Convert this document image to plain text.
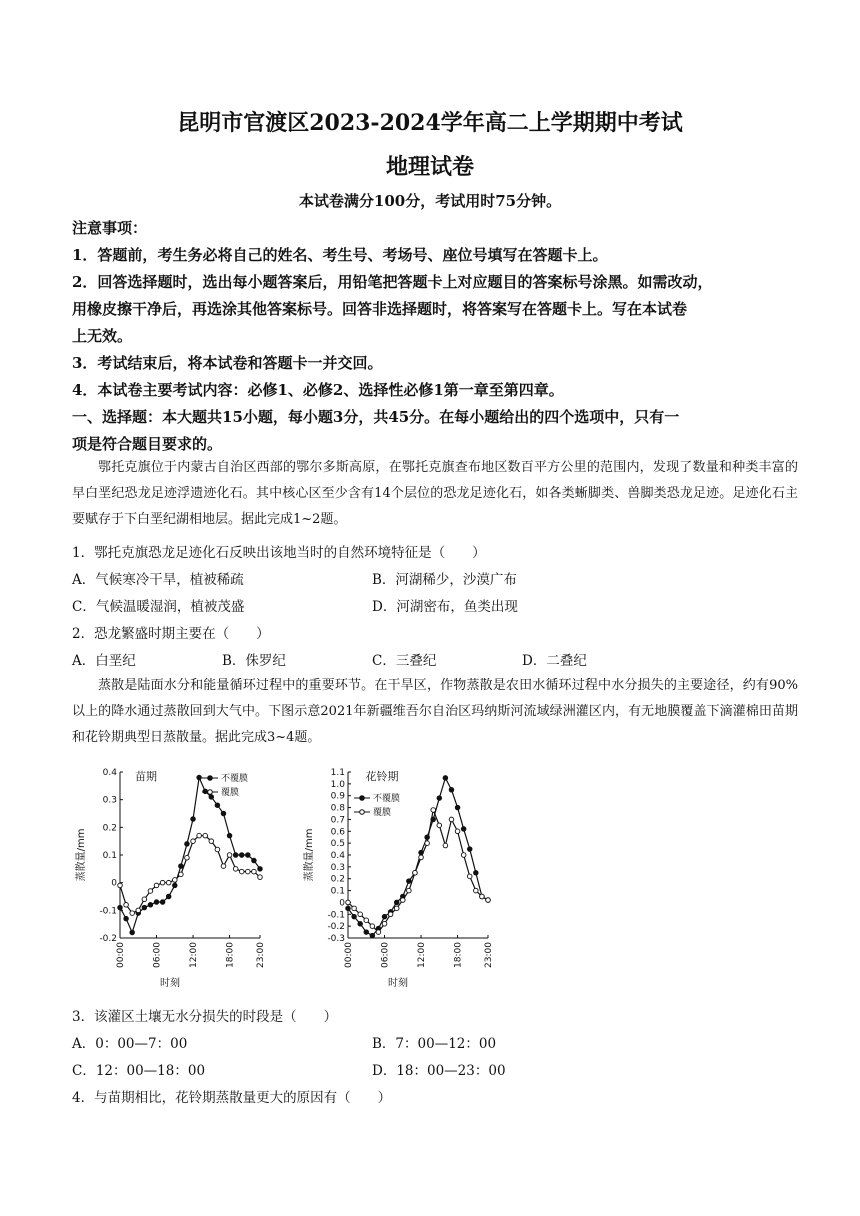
昆明市官渡区2023-2024学年高二上学期期中考试
地理试卷
本试卷满分100分，考试用时75分钟。
注意事项：
1．答题前，考生务必将自己的姓名、考生号、考场号、座位号填写在答题卡上。
2．回答选择题时，选出每小题答案后，用铅笔把答题卡上对应题目的答案标号涂黑。如需改动，
用橡皮擦干净后，再选涂其他答案标号。回答非选择题时，将答案写在答题卡上。写在本试卷
上无效。
3．考试结束后，将本试卷和答题卡一并交回。
4．本试卷主要考试内容：必修1、必修2、选择性必修1第一章至第四章。
一、选择题：本大题共15小题，每小题3分，共45分。在每小题给出的四个选项中，只有一
项是符合题目要求的。
鄂托克旗位于内蒙古自治区西部的鄂尔多斯高原，在鄂托克旗查布地区数百平方公里的范围内，发现了数量和种类丰富的早白垩纪恐龙足迹浮遗迹化石。其中核心区至少含有14个层位的恐龙足迹化石，如各类蜥脚类、兽脚类恐龙足迹。足迹化石主要赋存于下白垩纪湖相地层。据此完成1~2题。
1．鄂托克旗恐龙足迹化石反映出该地当时的自然环境特征是（　　）
A．气候寒冷干旱，植被稀疏	B．河湖稀少，沙漠广布
C．气候温暖湿润，植被茂盛	D．河湖密布，鱼类出现
2．恐龙繁盛时期主要在（　　）
A．白垩纪	B．侏罗纪	C．三叠纪	D．二叠纪
蒸散是陆面水分和能量循环过程中的重要环节。在干旱区，作物蒸散是农田水循环过程中水分损失的主要途径，约有90%以上的降水通过蒸散回到大气中。下图示意2021年新疆维吾尔自治区玛纳斯河流域绿洲灌区内，有无地膜覆盖下滴灌棉田苗期和花铃期典型日蒸散量。据此完成3~4题。
-0.2
-0.1
0
0.1
0.2
0.3
0.4
00:00	06:00	12:00	18:00 23:00
时刻
蒸散量/mm
苗期	不覆膜
覆膜
-0.3
-0.2
-0.1
0
0.1
0.2
0.3
0.4
0.5
0.6
0.7
0.8
0.9
1.0
1.1
00:00	06:00	12:00	18:00 23:00
时刻
蒸散量/mm
花铃期
不覆膜
覆膜
3．该灌区土壤无水分损失的时段是（　　）
A．0：00—7：00	B．7：00—12：00
C．12：00—18：00	D．18：00—23：00
4．与苗期相比，花铃期蒸散量更大的原因有（　　）
